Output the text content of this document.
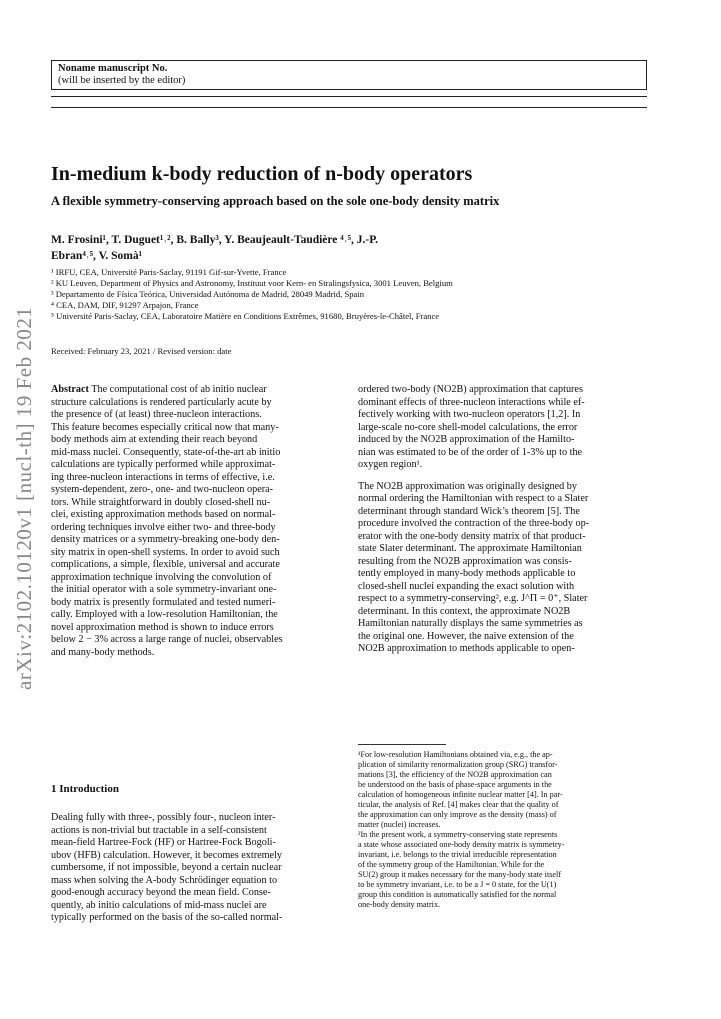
Noname manuscript No.
(will be inserted by the editor)
arXiv:2102.10120v1 [nucl-th] 19 Feb 2021
In-medium k-body reduction of n-body operators
A flexible symmetry-conserving approach based on the sole one-body density matrix
M. Frosini¹, T. Duguet¹˒², B. Bally³, Y. Beaujeault-Taudière ⁴˒⁵, J.-P.
Ebran⁴˒⁵, V. Somà¹
¹ IRFU, CEA, Université Paris-Saclay, 91191 Gif-sur-Yvette, France
² KU Leuven, Department of Physics and Astronomy, Instituut voor Kern- en Stralingsfysica, 3001 Leuven, Belgium
³ Departamento de Física Teórica, Universidad Autónoma de Madrid, 28049 Madrid, Spain
⁴ CEA, DAM, DIF, 91297 Arpajon, France
⁵ Université Paris-Saclay, CEA, Laboratoire Matière en Conditions Extrêmes, 91680, Bruyères-le-Châtel, France
Received: February 23, 2021 / Revised version: date
Abstract The computational cost of ab initio nuclear
structure calculations is rendered particularly acute by
the presence of (at least) three-nucleon interactions.
This feature becomes especially critical now that many-
body methods aim at extending their reach beyond
mid-mass nuclei. Consequently, state-of-the-art ab initio
calculations are typically performed while approximat-
ing three-nucleon interactions in terms of effective, i.e.
system-dependent, zero-, one- and two-nucleon opera-
tors. While straightforward in doubly closed-shell nu-
clei, existing approximation methods based on normal-
ordering techniques involve either two- and three-body
density matrices or a symmetry-breaking one-body den-
sity matrix in open-shell systems. In order to avoid such
complications, a simple, flexible, universal and accurate
approximation technique involving the convolution of
the initial operator with a sole symmetry-invariant one-
body matrix is presently formulated and tested numeri-
cally. Employed with a low-resolution Hamiltonian, the
novel approximation method is shown to induce errors
below 2 − 3% across a large range of nuclei, observables
and many-body methods.
1 Introduction
Dealing fully with three-, possibly four-, nucleon inter-
actions is non-trivial but tractable in a self-consistent
mean-field Hartree-Fock (HF) or Hartree-Fock Bogoli-
ubov (HFB) calculation. However, it becomes extremely
cumbersome, if not impossible, beyond a certain nuclear
mass when solving the A-body Schrödinger equation to
good-enough accuracy beyond the mean field. Conse-
quently, ab initio calculations of mid-mass nuclei are
typically performed on the basis of the so-called normal-
ordered two-body (NO2B) approximation that captures
dominant effects of three-nucleon interactions while ef-
fectively working with two-nucleon operators [1,2]. In
large-scale no-core shell-model calculations, the error
induced by the NO2B approximation of the Hamilto-
nian was estimated to be of the order of 1-3% up to the
oxygen region¹.
The NO2B approximation was originally designed by
normal ordering the Hamiltonian with respect to a Slater
determinant through standard Wick’s theorem [5]. The
procedure involved the contraction of the three-body op-
erator with the one-body density matrix of that product-
state Slater determinant. The approximate Hamiltonian
resulting from the NO2B approximation was consis-
tently employed in many-body methods applicable to
closed-shell nuclei expanding the exact solution with
respect to a symmetry-conserving², e.g. J^Π = 0⁺, Slater
determinant. In this context, the approximate NO2B
Hamiltonian naturally displays the same symmetries as
the original one. However, the naive extension of the
NO2B approximation to methods applicable to open-
¹For low-resolution Hamiltonians obtained via, e.g., the ap-
plication of similarity renormalization group (SRG) transfor-
mations [3], the efficiency of the NO2B approximation can
be understood on the basis of phase-space arguments in the
calculation of homogeneous infinite nuclear matter [4]. In par-
ticular, the analysis of Ref. [4] makes clear that the quality of
the approximation can only improve as the density (mass) of
matter (nuclei) increases.
²In the present work, a symmetry-conserving state represents
a state whose associated one-body density matrix is symmetry-
invariant, i.e. belongs to the trivial irreducible representation
of the symmetry group of the Hamiltonian. While for the
SU(2) group it makes necessary for the many-body state itself
to be symmetry invariant, i.e. to be a J = 0 state, for the U(1)
group this condition is automatically satisfied for the normal
one-body density matrix.
